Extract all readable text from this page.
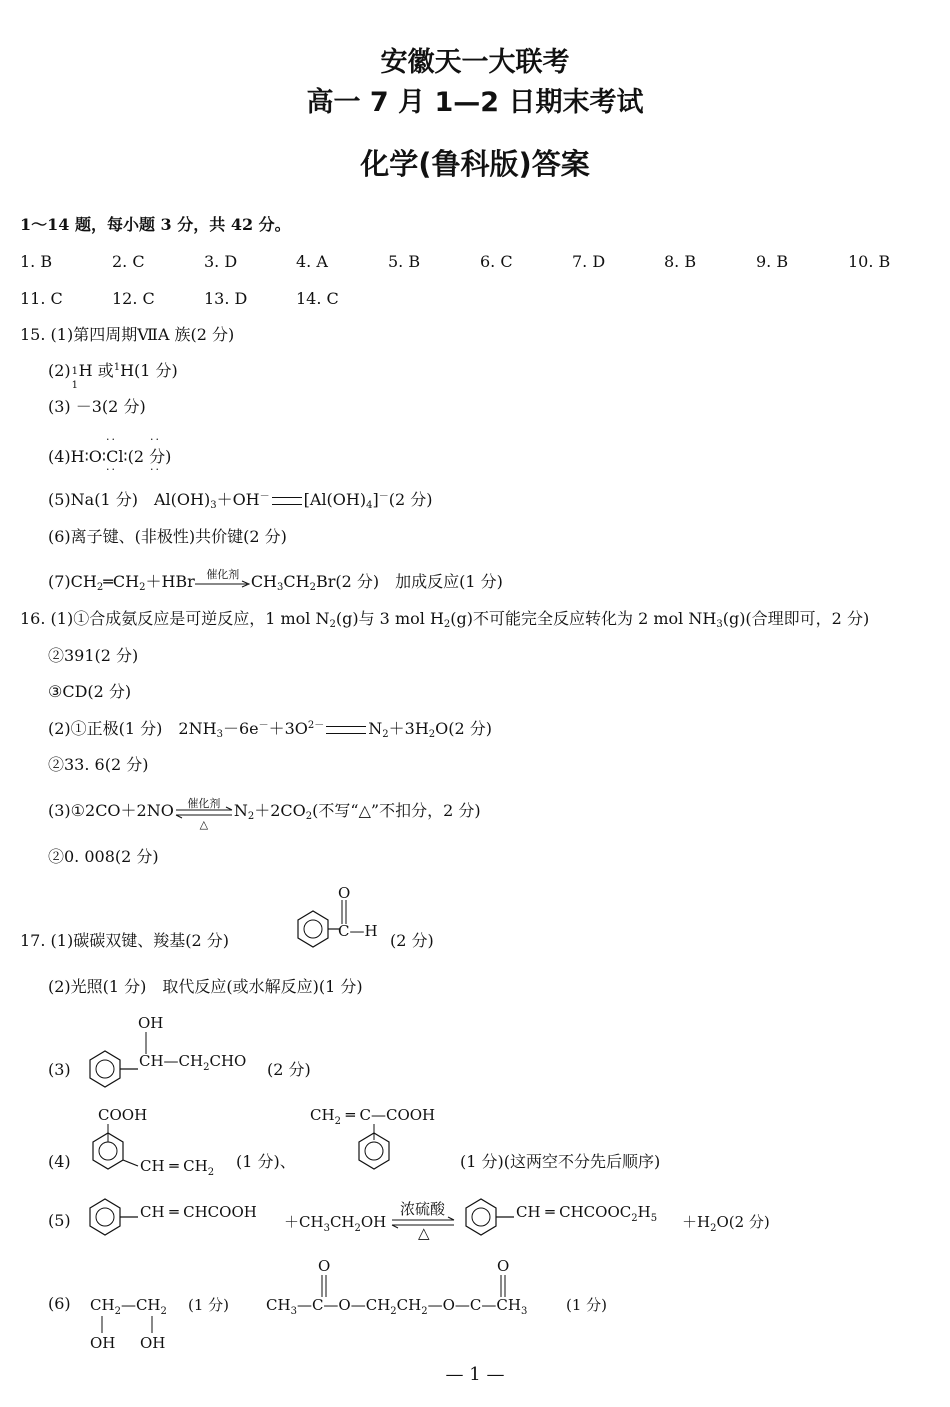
安徽天一大联考
高一 7 月 1—2 日期末考试
化学(鲁科版)答案
1～14 题，每小题 3 分，共 42 分。
1. B	2. C	3. D	4. A	5. B	6. C	7. D	8. B	9. B	10. B
11. C	12. C	13. D	14. C
15. (1)第四周期ⅦA 族(2 分)
(2) 1
1
H 或$^1$H(1 分)
(3) －3(2 分)
(4)H∶O∶Cl∶(2 分)
··      ··
··      ··
(5)Na(1 分)　$Al(OH)_3+OH^-$ $[Al(OH)_4]^-(2$ 分)
(6)离子键、(非极性)共价键(2 分)
$(7)CH_2═CH_2+HBr$	催化剂 $CH_3CH_2Br(2$ 分)　加成反应(1 分)
16. (1)①合成氨反应是可逆反应，1 mol $N_2(g)$与 3 mol $H_2(g)$不可能完全反应转化为 2 mol $NH_3(g)$(合理即可，2 分)
②391(2 分)
③CD(2 分)
(2)①正极(1 分)　$2NH_3-6e^-+3O^{2-}$	$N_2+3H_2O(2$ 分)
②33. 6(2 分)
(3)①2CO＋2NO	催化剂
△
$N_2+2CO_2$(不写“△”不扣分，2 分)
②0. 008(2 分)
17. (1)碳碳双键、羧基(2 分)
O
C—H (2 分)
(2)光照(1 分)　取代反应(或水解反应)(1 分)
(3)
OH
$CH—CH_2CHO$ (2 分)
(4)
COOH
CH ═ $CH_2$
(1 分)、
$CH_2$ ═ C—COOH
(1 分)(这两空不分先后顺序)
(5)	CH ═ CHCOOH
$+CH_3CH_2OH$
浓硫酸
△
CH ═ $CHCOOC_2H_5 +H_2O(2$ 分)
(6) $CH_2—CH_2$
OH OH
(1 分) $CH_3—C—O—CH_2CH_2—O—C—CH_3$
O	O
(1 分)
— 1 —
